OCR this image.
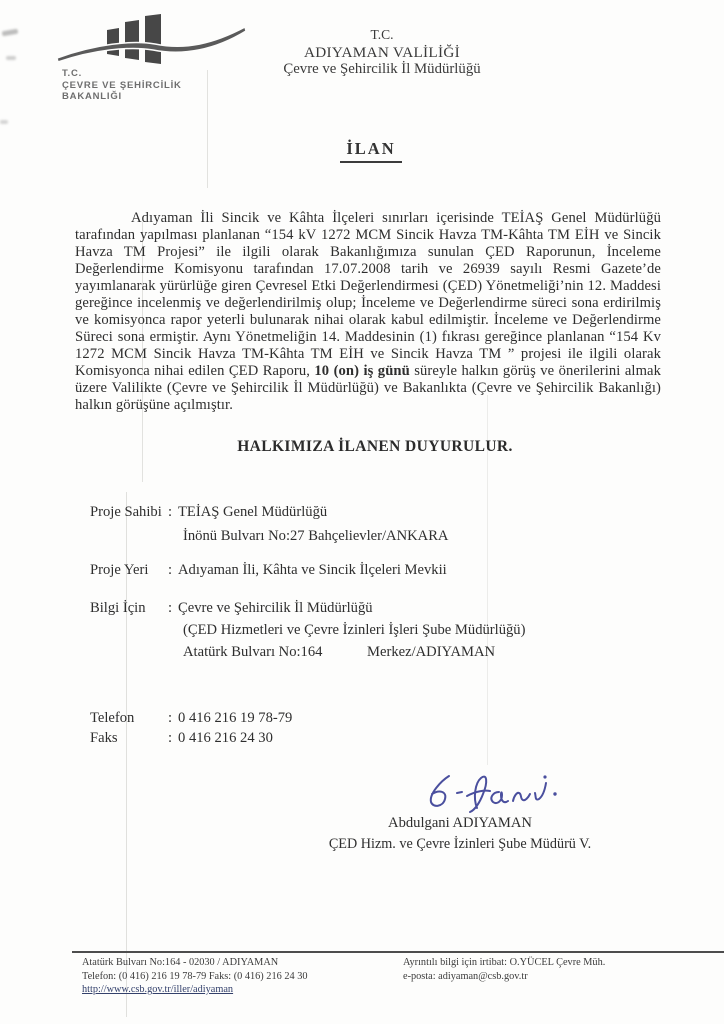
T.C.
ÇEVRE VE ŞEHİRCİLİK
BAKANLIĞI
T.C.
ADIYAMAN VALİLİĞİ
Çevre ve Şehircilik İl Müdürlüğü
İLAN
Adıyaman İli Sincik ve Kâhta İlçeleri sınırları içerisinde TEİAŞ Genel Müdürlüğü tarafından yapılması planlanan “154 kV 1272 MCM Sincik Havza TM-Kâhta TM EİH ve Sincik Havza TM Projesi” ile ilgili olarak Bakanlığımıza sunulan ÇED Raporunun, İnceleme Değerlendirme Komisyonu tarafından 17.07.2008 tarih ve 26939 sayılı Resmi Gazete’de yayımlanarak yürürlüğe giren Çevresel Etki Değerlendirmesi (ÇED) Yönetmeliği’nin 12. Maddesi gereğince incelenmiş ve değerlendirilmiş olup; İnceleme ve Değerlendirme süreci sona erdirilmiş ve komisyonca rapor yeterli bulunarak nihai olarak kabul edilmiştir. İnceleme ve Değerlendirme Süreci sona ermiştir. Aynı Yönetmeliğin 14. Maddesinin (1) fıkrası gereğince planlanan “154 Kv 1272 MCM Sincik Havza TM-Kâhta TM EİH ve Sincik Havza TM ” projesi ile ilgili olarak Komisyonca nihai edilen ÇED Raporu, 10 (on) iş günü süreyle halkın görüş ve önerilerini almak üzere Valilikte (Çevre ve Şehircilik İl Müdürlüğü) ve Bakanlıkta (Çevre ve Şehircilik Bakanlığı) halkın görüşüne açılmıştır.
HALKIMIZA İLANEN DUYURULUR.
Proje Sahibi : TEİAŞ Genel Müdürlüğü
İnönü Bulvarı No:27 Bahçelievler/ANKARA
Proje Yeri : Adıyaman İli, Kâhta ve Sincik İlçeleri Mevkii
Bilgi İçin : Çevre ve Şehircilik İl Müdürlüğü
(ÇED Hizmetleri ve Çevre İzinleri İşleri Şube Müdürlüğü)
Atatürk Bulvarı No:164	Merkez/ADIYAMAN
Telefon : 0 416 216 19 78-79
Faks	: 0 416 216 24 30
Abdulgani ADIYAMAN
ÇED Hizm. ve Çevre İzinleri Şube Müdürü V.
Atatürk Bulvarı No:164 - 02030 / ADIYAMAN
Telefon: (0 416) 216 19 78-79 Faks: (0 416) 216 24 30
http://www.csb.gov.tr/iller/adiyaman
Ayrıntılı bilgi için irtibat: O.YÜCEL Çevre Müh.
e-posta: adiyaman@csb.gov.tr
